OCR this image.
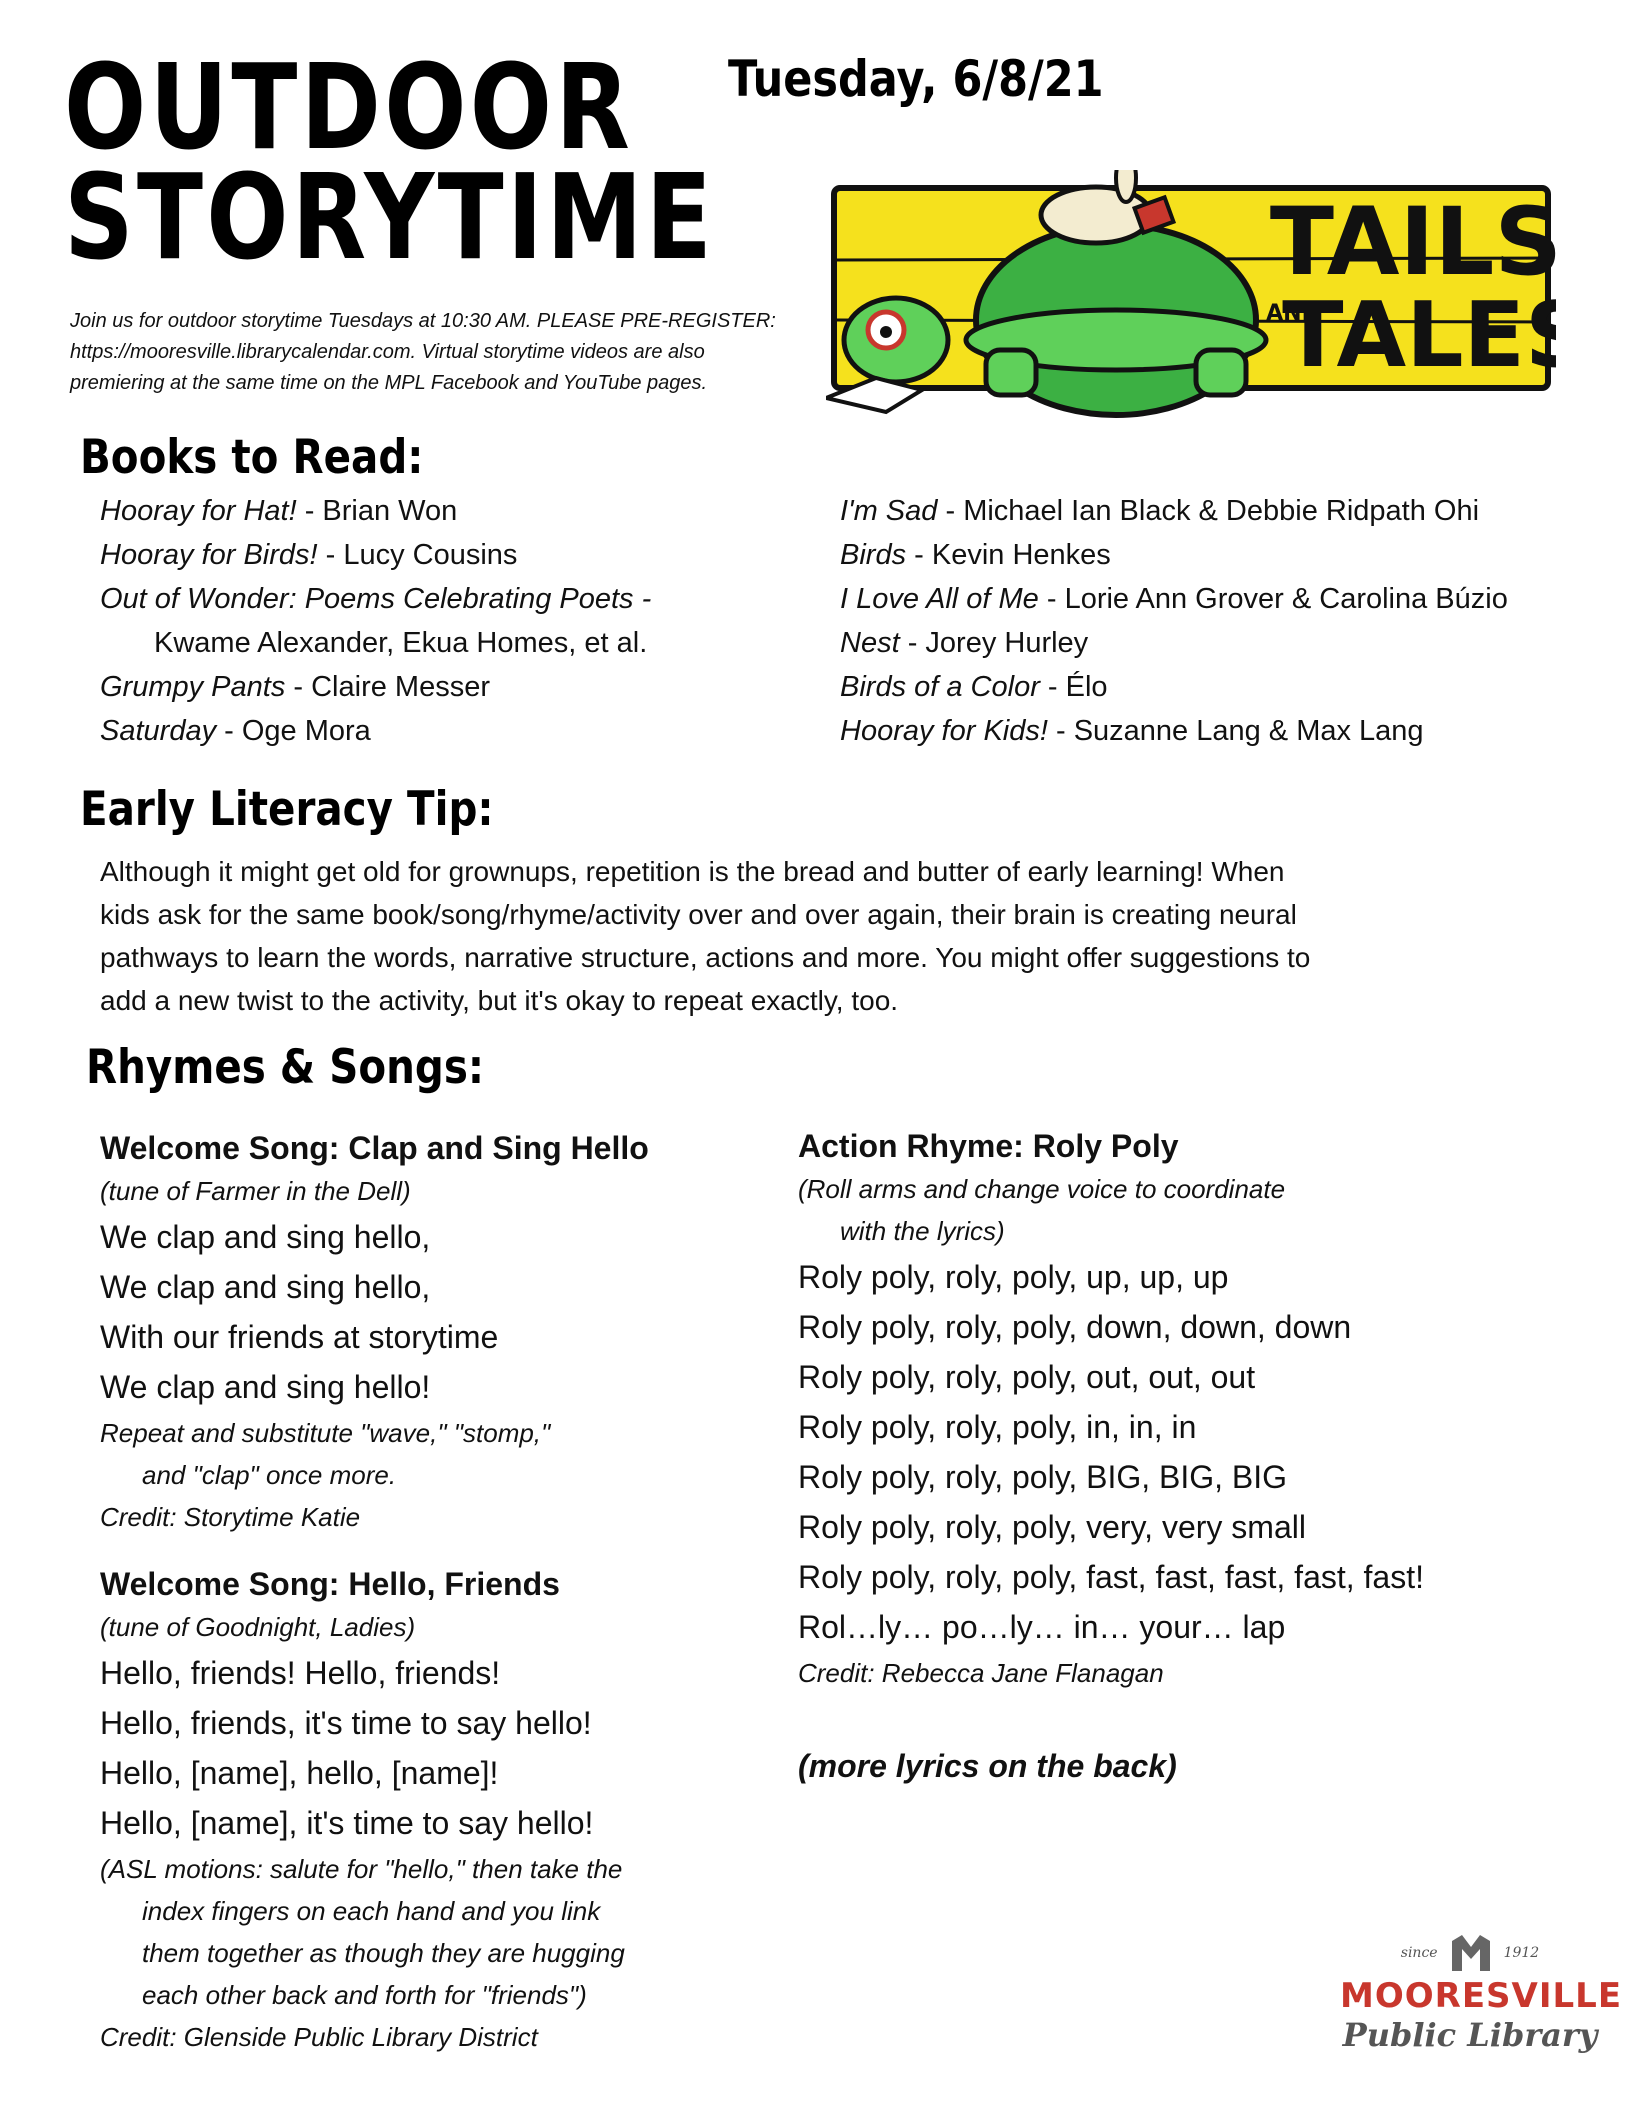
OUTDOOR
STORYTIME
Tuesday, 6/8/21
TAILS
AND
TALE
Join us for outdoor storytime Tuesdays at 10:30 AM. PLEASE PRE-REGISTER:
https://mooresville.librarycalendar.com. Virtual storytime videos are also
premiering at the same time on the MPL Facebook and YouTube pages.
Books to Read:
Hooray for Hat! - Brian Won
Hooray for Birds! - Lucy Cousins
Out of Wonder: Poems Celebrating Poets -
Kwame Alexander, Ekua Homes, et al.
Grumpy Pants - Claire Messer
Saturday - Oge Mora
I'm Sad - Michael Ian Black & Debbie Ridpath Ohi
Birds - Kevin Henkes
I Love All of Me - Lorie Ann Grover & Carolina Búzio
Nest - Jorey Hurley
Birds of a Color - Élo
Hooray for Kids! - Suzanne Lang & Max Lang
Early Literacy Tip:
Although it might get old for grownups, repetition is the bread and butter of early learning! When
kids ask for the same book/song/rhyme/activity over and over again, their brain is creating neural
pathways to learn the words, narrative structure, actions and more. You might offer suggestions to
add a new twist to the activity, but it's okay to repeat exactly, too.
Rhymes & Songs:
Welcome Song: Clap and Sing Hello
(tune of Farmer in the Dell)
We clap and sing hello,
We clap and sing hello,
With our friends at storytime
We clap and sing hello!
Repeat and substitute "wave," "stomp,"
and "clap" once more.
Credit: Storytime Katie
Welcome Song: Hello, Friends
(tune of Goodnight, Ladies)
Hello, friends! Hello, friends!
Hello, friends, it's time to say hello!
Hello, [name], hello, [name]!
Hello, [name], it's time to say hello!
(ASL motions: salute for "hello," then take the
index fingers on each hand and you link
them together as though they are hugging
each other back and forth for "friends")
Credit: Glenside Public Library District
Action Rhyme: Roly Poly
(Roll arms and change voice to coordinate
with the lyrics)
Roly poly, roly, poly, up, up, up
Roly poly, roly, poly, down, down, down
Roly poly, roly, poly, out, out, out
Roly poly, roly, poly, in, in, in
Roly poly, roly, poly, BIG, BIG, BIG
Roly poly, roly, poly, very, very small
Roly poly, roly, poly, fast, fast, fast, fast, fast!
Rol…ly… po…ly… in… your… lap
Credit: Rebecca Jane Flanagan
(more lyrics on the back)
since	1912
MOORESVILLE
Public Library
